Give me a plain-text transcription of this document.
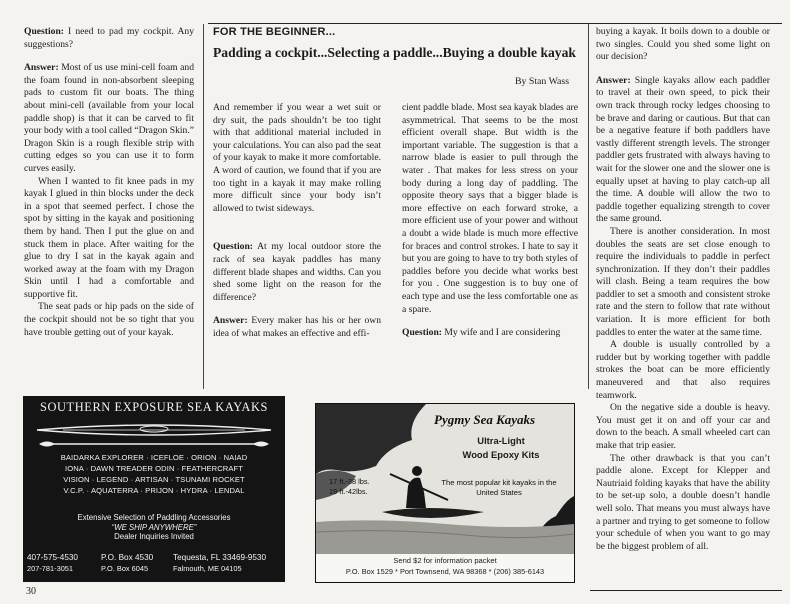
FOR THE BEGINNER...
Padding a cockpit...Selecting a paddle...Buying a double kayak
By Stan Wass

Question: I need to pad my cockpit. Any suggestions?

Answer: Most of us use mini-cell foam and the foam found in non-absorbent sleeping pads to custom fit our boats. The thing about mini-cell (available from your local paddle shop) is that it can be carved to fit your body with a tool called “Dragon Skin.” Dragon Skin is a rough flexible strip with cutting edges so you can use it to form curves easily.

When I wanted to fit knee pads in my kayak I glued in thin blocks under the deck in a spot that seemed perfect. I chose the spot by sitting in the kayak and positioning them by hand. Then I put the glue on and stuck them in place. After waiting for the glue to dry I sat in the kayak again and worked away at the foam with my Dragon Skin until I had a comfortable and supportive fit.

The seat pads or hip pads on the side of the cockpit should not be so tight that you have trouble getting out of your kayak.

And remember if you wear a wet suit or dry suit, the pads shouldn’t be too tight with that additional material included in your calculations. You can also pad the seat of your kayak to make it more comfortable. A word of caution, we found that if you are too tight in a kayak it may make rolling more difficult since your body isn’t allowed to twist sideways.

Question: At my local outdoor store the rack of sea kayak paddles has many different blade shapes and widths. Can you shed some light on the reason for the difference?

Answer: Every maker has his or her own idea of what makes an effective and effi-

cient paddle blade. Most sea kayak blades are asymmetrical. That seems to be the most efficient overall shape. But width is the important variable. The suggestion is that a narrow blade is easier to pull through the water . That makes for less stress on your body during a long day of paddling. The opposite theory says that a bigger blade is more effective on each forward stroke, a more efficient use of your power and without a doubt a wide blade is much more effective for braces and control strokes. I hate to say it but you are going to have to try both styles of paddles before you decide what works best for you . One suggestion is to buy one of each type and use the less comfortable one as a spare.

Question: My wife and I are considering

buying a kayak. It boils down to a double or two singles. Could you shed some light on our decision?

Answer: Single kayaks allow each paddler to travel at their own speed, to pick their own track through rocky ledges choosing to be brave and daring or cautious. But that can be a negative feature if both paddlers have vastly different strength levels. The stronger paddler gets frustrated with always having to wait for the slower one and the slower one is equally upset at having to play catch-up all the time. A double will allow the two to paddle together equalizing strength to cover the same ground.

There is another consideration. In most doubles the seats are set close enough to require the individuals to paddle in perfect synchronization. If they don’t their paddles will clash. Being a team requires the bow paddler to set a smooth and consistent stroke rate and the stern to follow that rate without variation. It is more efficient for both paddles to enter the water at the same time.

A double is usually controlled by a rudder but by working together with paddle strokes the boat can be more efficiently maneuvered and that also requires teamwork.

On the negative side a double is heavy. You must get it on and off your car and down to the beach. A small wheeled cart can make that trip easier.

The other drawback is that you can’t paddle alone. Except for Klepper and Nautriaid folding kayaks that have the ability to be set-up solo, a double doesn’t handle well solo. That means you must always have a partner and trying to get someone to follow your schedule of when you want to go may be the biggest problem of all.

SOUTHERN EXPOSURE SEA KAYAKS
BAIDARKA EXPLORER · ICEFLOE · ORION · NAIAD
IONA · DAWN TREADER ODIN · FEATHERCRAFT
VISION · LEGEND · ARTISAN · TSUNAMI ROCKET
V.C.P. · AQUATERRA · PRIJON · HYDRA · LENDAL
Extensive Selection of Paddling Accessories
“WE SHIP ANYWHERE”
Dealer Inquiries Invited
407-575-4530
207-781-3051
P.O. Box 4530
P.O. Box 6045
Tequesta, FL 33469-9530
Falmouth, ME 04105
Pygmy Sea Kayaks
Ultra-Light
Wood Epoxy Kits
The most popular kit kayaks in the United States
17 ft.-38 lbs.
19 ft.-42lbs.
Send $2 for information packet
P.O. Box 1529 * Port Townsend, WA 98368 * (206) 385-6143
30
